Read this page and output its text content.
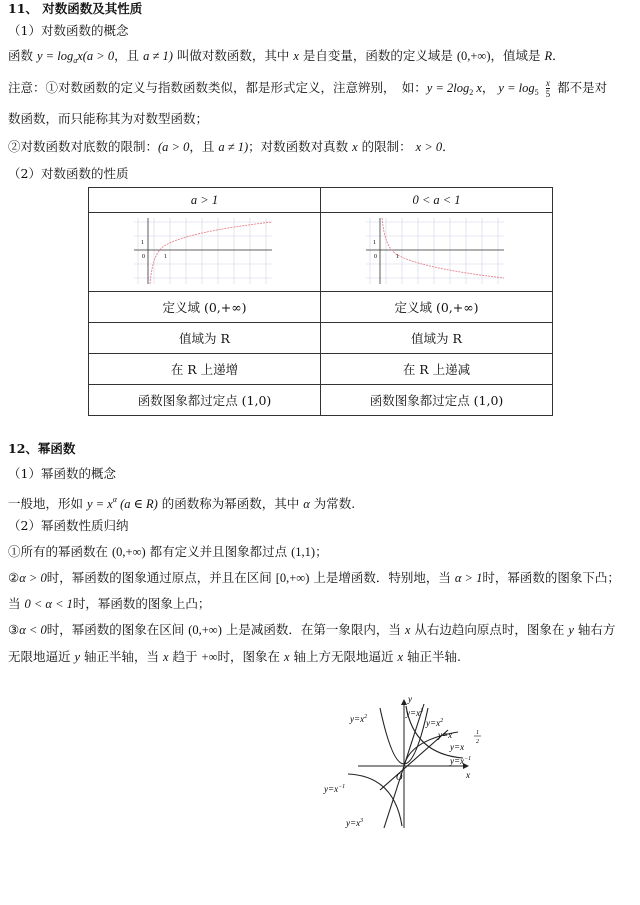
11、 对数函数及其性质
（1）对数函数的概念
函数 $y = \log_ax(a > 0$，且 a ≠ 1) 叫做对数函数，其中 x 是自变量，函数的定义域是 (0,+∞)，值域是 R．
注意：①对数函数的定义与指数函数类似，都是形式定义，注意辨别，　如：$y = 2\log_2$ x， $y = \log_5 \frac{x}{5}$ 都不是对
数函数，而只能称其为对数型函数；
②对数函数对底数的限制：(a > 0，且 a ≠ 1)；对数函数对真数 x 的限制： x > 0．
（2）对数函数的性质
a > 1	0 < a < 1

1
0 1	1
0 1

定义域 (0,+∞)	定义域 (0,+∞)
值域为 R	值域为 R
在 R 上递增	在 R 上递减
函数图象都过定点 (1,0)	函数图象都过定点 (1,0)
12、幂函数
（1）幂函数的概念
一般地，形如 $y = x^\alpha$ (a ∈ R) 的函数称为幂函数，其中 α 为常数.
（2）幂函数性质归纳
①所有的幂函数在 (0,+∞) 都有定义并且图象都过点 (1,1)；
②α > 0时，幂函数的图象通过原点，并且在区间 [0,+∞) 上是增函数．特别地，当 α > 1时，幂函数的图象下凸；
当 0 < α < 1时，幂函数的图象上凸；
③α < 0时，幂函数的图象在区间 (0,+∞) 上是减函数．在第一象限内，当 x 从右边趋向原点时，图象在 y 轴右方
无限地逼近 y 轴正半轴，当 x 趋于 +∞时，图象在 x 轴上方无限地逼近 x 轴正半轴.
y
x
O
$y=x^2$	$y=x^3$
$y=x^2$
y=x
y=x
1
2
$y=x^{-1}$
$y=x^{-1}$
$y=x^3$
